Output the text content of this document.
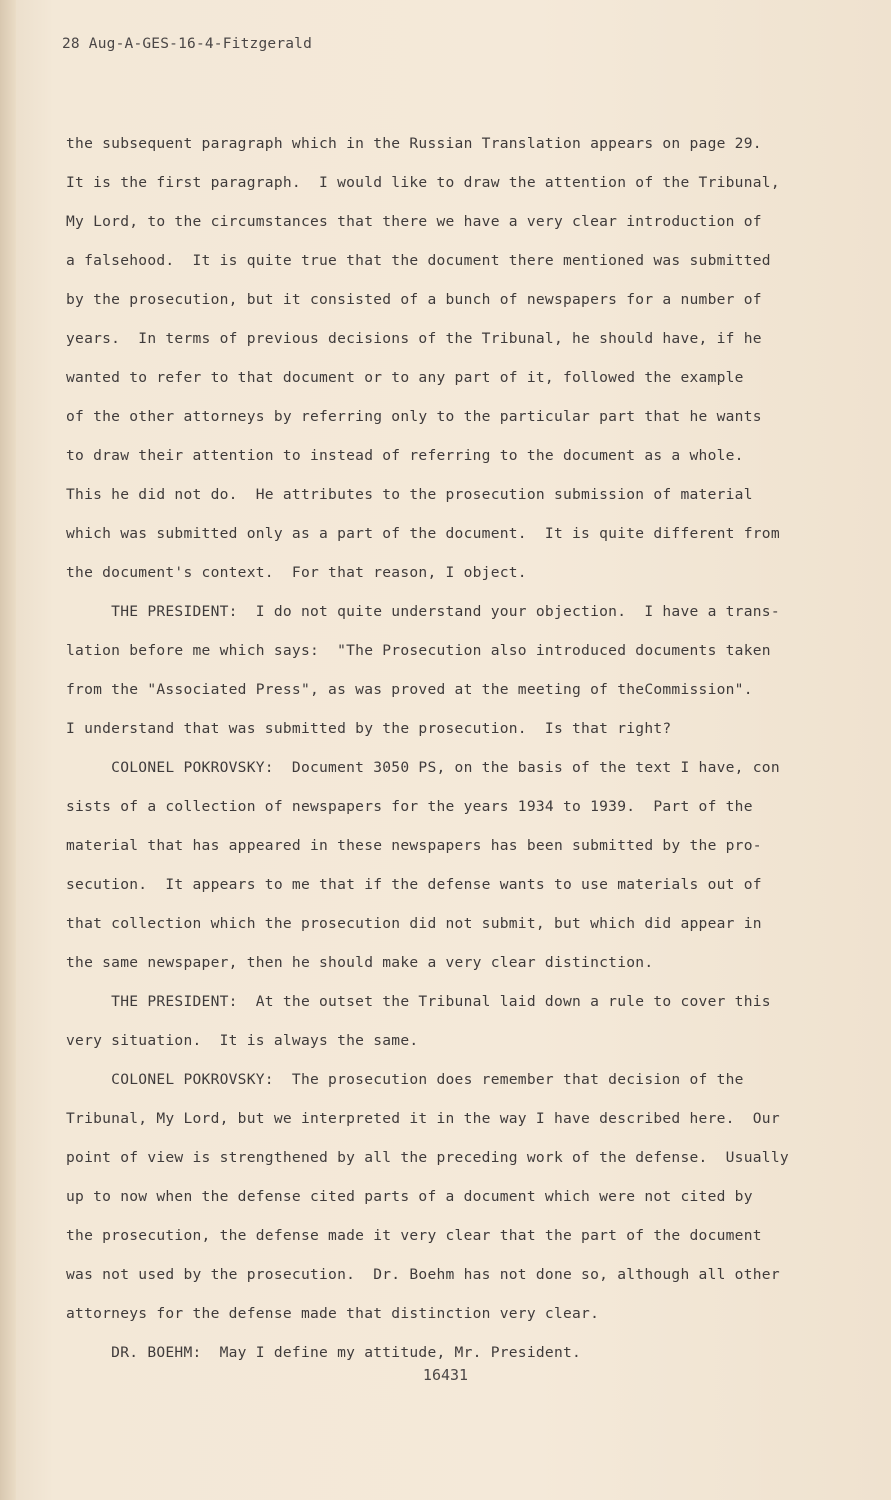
28 Aug-A-GES-16-4-Fitzgerald
the subsequent paragraph which in the Russian Translation appears on page 29.
It is the first paragraph.  I would like to draw the attention of the Tribunal,
My Lord, to the circumstances that there we have a very clear introduction of
a falsehood.  It is quite true that the document there mentioned was submitted
by the prosecution, but it consisted of a bunch of newspapers for a number of
years.  In terms of previous decisions of the Tribunal, he should have, if he
wanted to refer to that document or to any part of it, followed the example
of the other attorneys by referring only to the particular part that he wants
to draw their attention to instead of referring to the document as a whole.
This he did not do.  He attributes to the prosecution submission of material
which was submitted only as a part of the document.  It is quite different from
the document's context.  For that reason, I object.
THE PRESIDENT:  I do not quite understand your objection.  I have a trans-
lation before me which says:  "The Prosecution also introduced documents taken
from the "Associated Press", as was proved at the meeting of theCommission".
I understand that was submitted by the prosecution.  Is that right?
COLONEL POKROVSKY:  Document 3050 PS, on the basis of the text I have, con
sists of a collection of newspapers for the years 1934 to 1939.  Part of the
material that has appeared in these newspapers has been submitted by the pro-
secution.  It appears to me that if the defense wants to use materials out of
that collection which the prosecution did not submit, but which did appear in
the same newspaper, then he should make a very clear distinction.
THE PRESIDENT:  At the outset the Tribunal laid down a rule to cover this
very situation.  It is always the same.
COLONEL POKROVSKY:  The prosecution does remember that decision of the
Tribunal, My Lord, but we interpreted it in the way I have described here.  Our
point of view is strengthened by all the preceding work of the defense.  Usually
up to now when the defense cited parts of a document which were not cited by
the prosecution, the defense made it very clear that the part of the document
was not used by the prosecution.  Dr. Boehm has not done so, although all other
attorneys for the defense made that distinction very clear.
DR. BOEHM:  May I define my attitude, Mr. President.
16431
